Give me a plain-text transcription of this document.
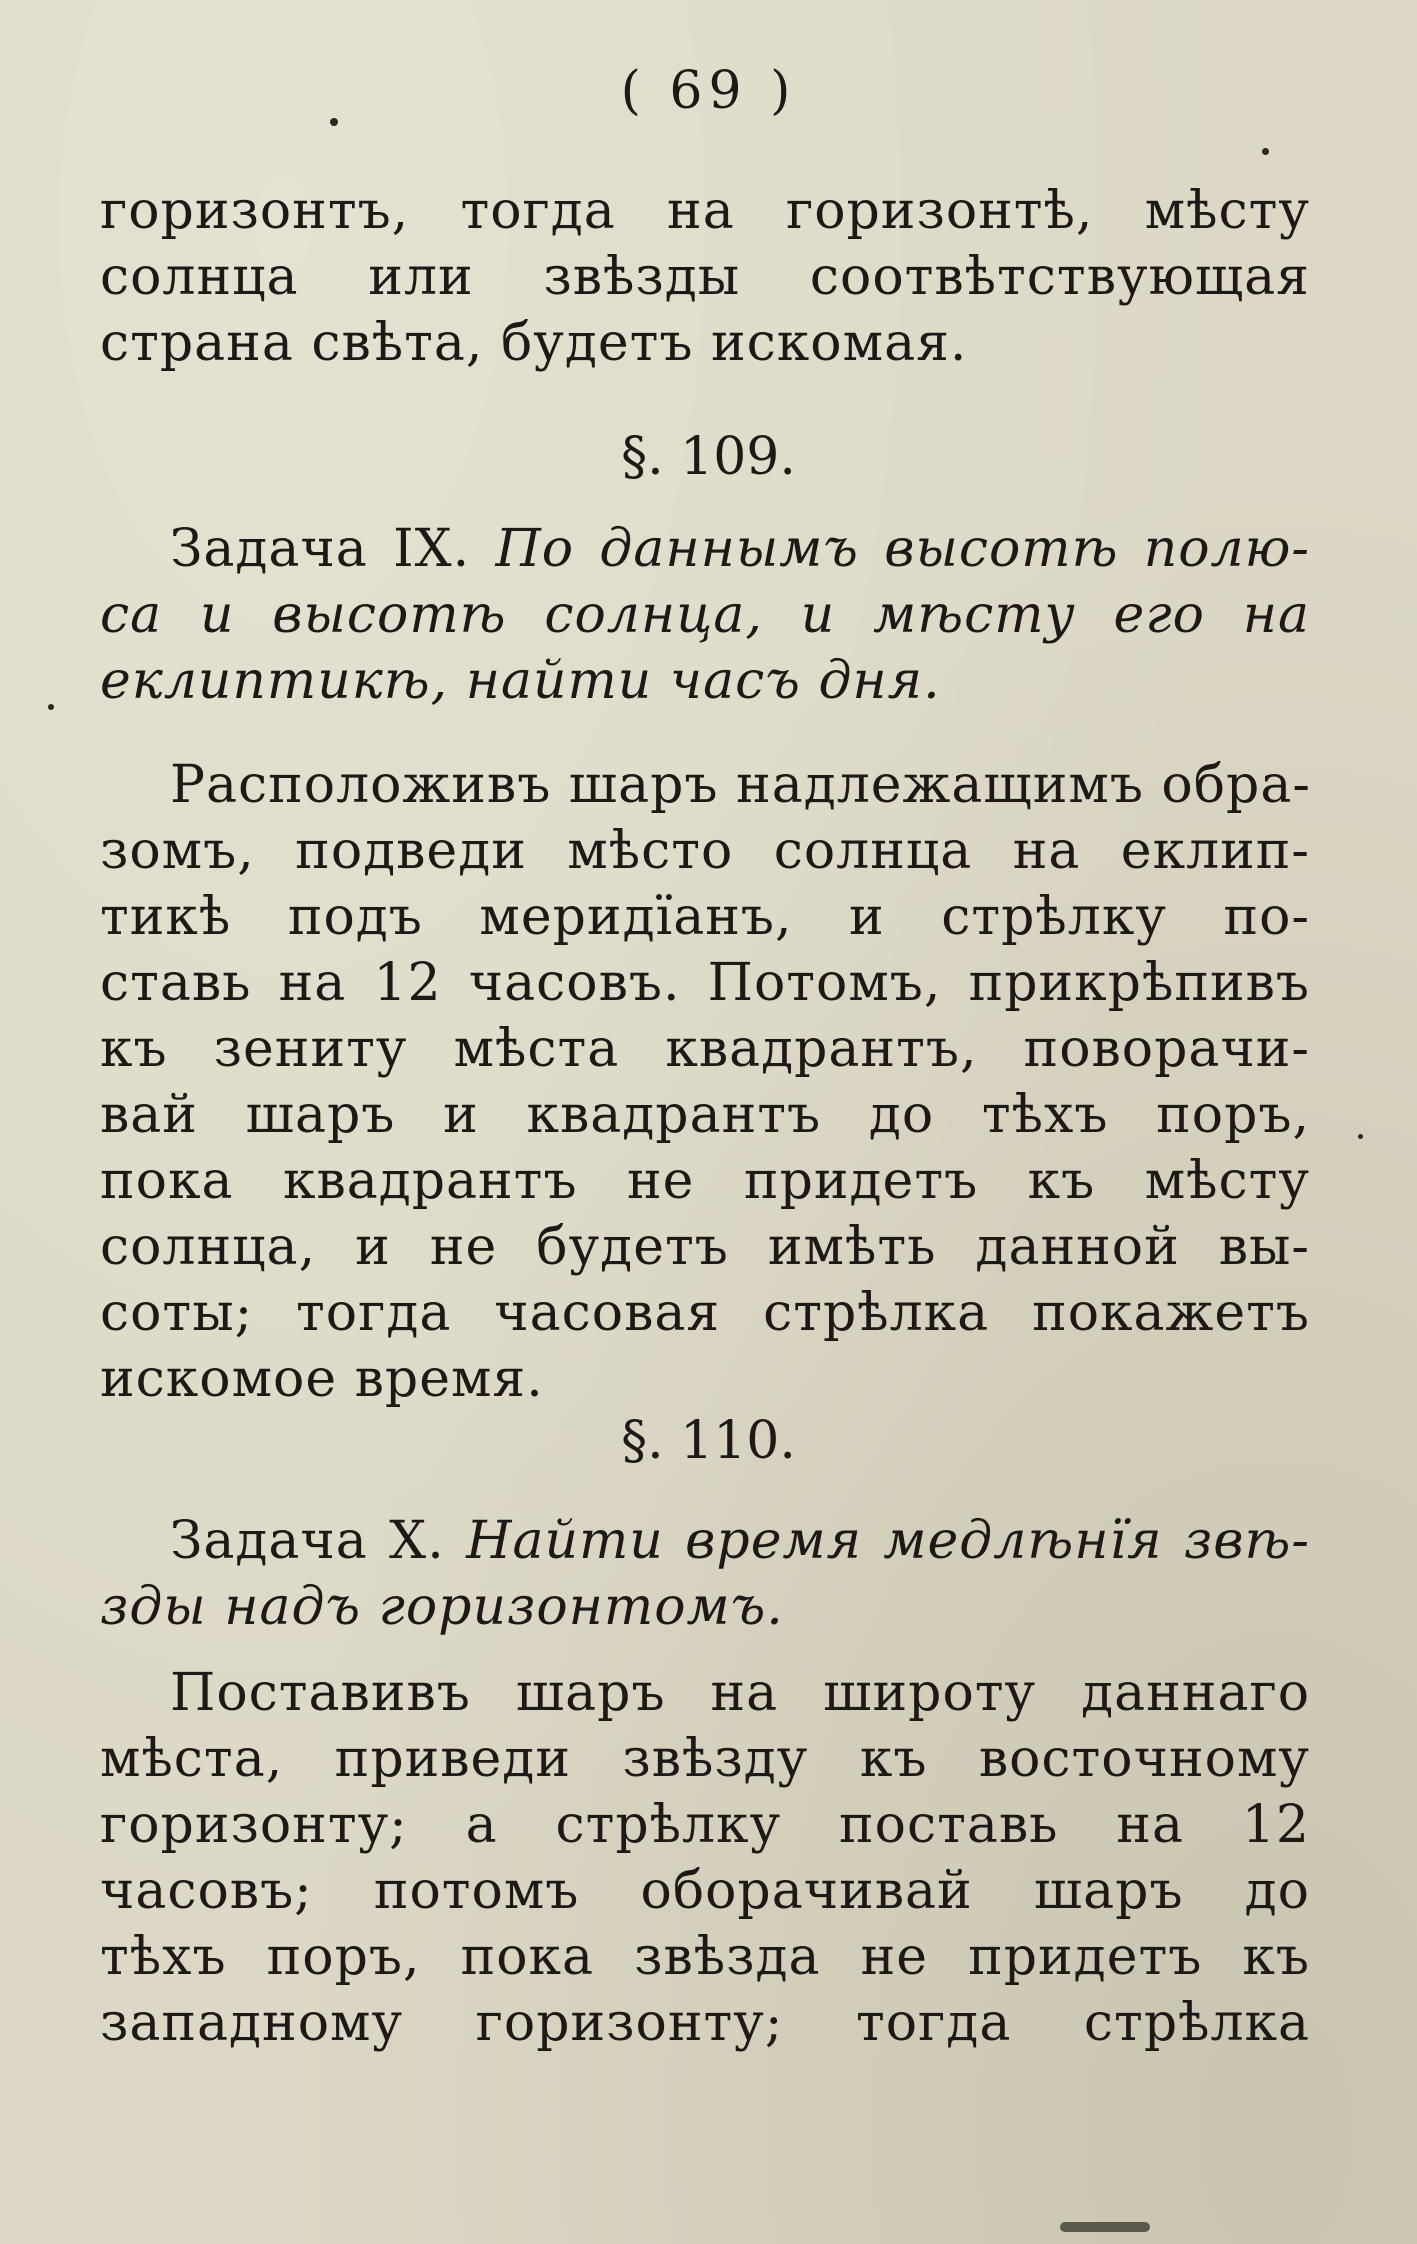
( 69 )
горизонтъ, тогда на горизонтѣ, мѣсту
солнца или звѣзды соотвѣтствующая
страна свѣта, будетъ искомая.
§. 109.
Задача IX. По даннымъ высотѣ полю-
са и высотѣ солнца, и мѣсту его на
еклиптикѣ, найти часъ дня.
Расположивъ шаръ надлежащимъ обра-
зомъ, подведи мѣсто солнца на еклип-
тикѣ подъ меридїанъ, и стрѣлку по-
ставь на 12 часовъ. Потомъ, прикрѣпивъ
къ зениту мѣста квадрантъ, поворачи-
вай шаръ и квадрантъ до тѣхъ поръ,
пока квадрантъ не придетъ къ мѣсту
солнца, и не будетъ имѣть данной вы-
соты; тогда часовая стрѣлка покажетъ
искомое время.
§. 110.
Задача X. Найти время медлѣнїя звѣ-
зды надъ горизонтомъ.
Поставивъ шаръ на широту даннаго
мѣста, приведи звѣзду къ восточному
горизонту; а стрѣлку поставь на 12
часовъ; потомъ оборачивай шаръ до
тѣхъ поръ, пока звѣзда не придетъ къ
западному горизонту; тогда стрѣлка
